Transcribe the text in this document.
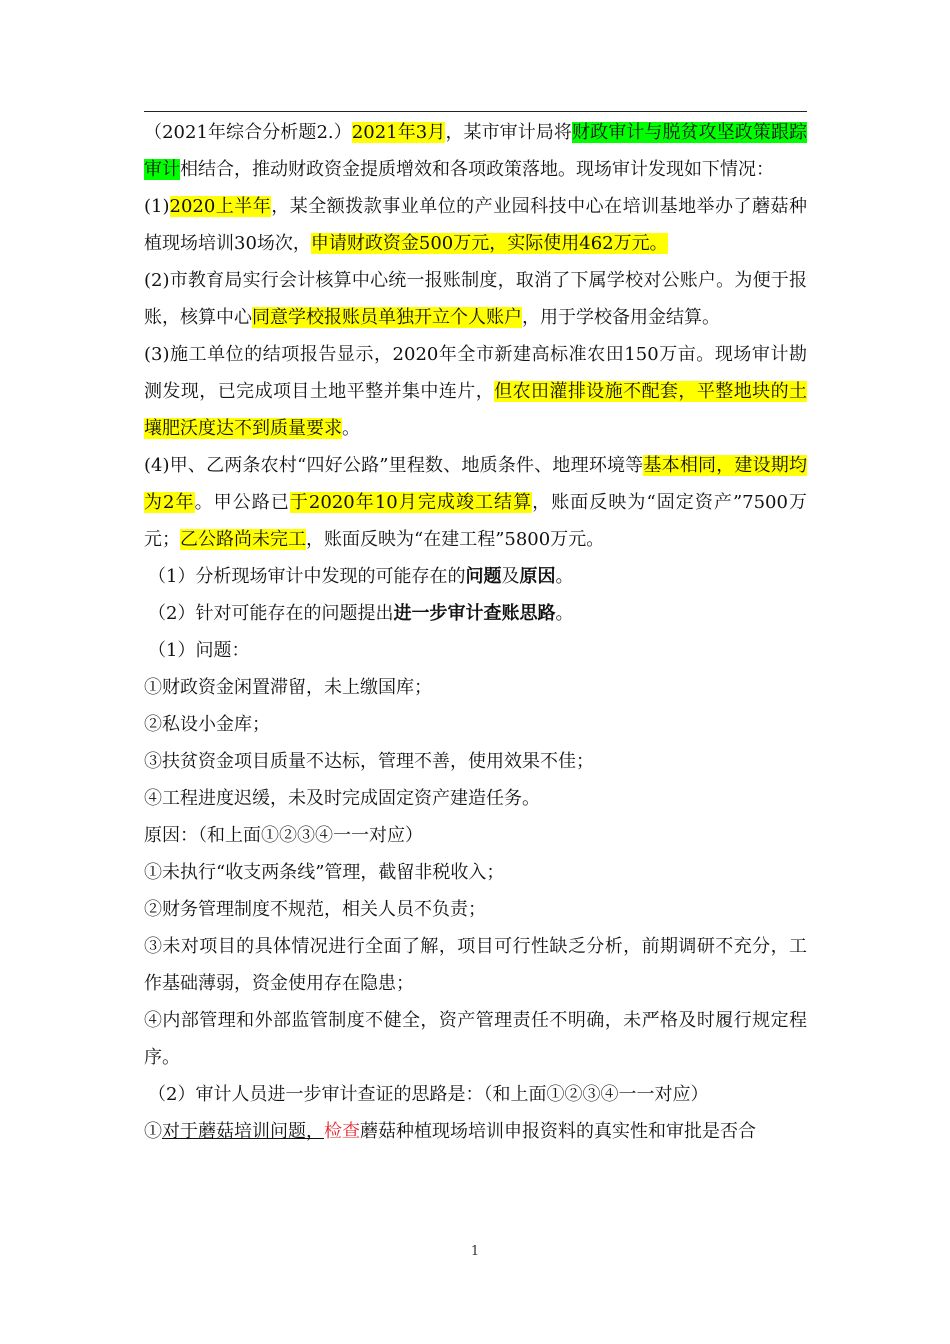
（2021年综合分析题2.）2021年3月，某市审计局将财政审计与脱贫攻坚政策跟踪审计相结合，推动财政资金提质增效和各项政策落地。现场审计发现如下情况：

(1)2020上半年，某全额拨款事业单位的产业园科技中心在培训基地举办了蘑菇种植现场培训30场次，申请财政资金500万元，实际使用462万元。

(2)市教育局实行会计核算中心统一报账制度，取消了下属学校对公账户。为便于报账，核算中心同意学校报账员单独开立个人账户，用于学校备用金结算。

(3)施工单位的结项报告显示，2020年全市新建高标准农田150万亩。现场审计勘测发现，已完成项目土地平整并集中连片，但农田灌排设施不配套，平整地块的土壤肥沃度达不到质量要求。

(4)甲、乙两条农村“四好公路”里程数、地质条件、地理环境等基本相同，建设期均为2年。甲公路已于2020年10月完成竣工结算，账面反映为“固定资产”7500万元；乙公路尚未完工，账面反映为“在建工程”5800万元。

（1）分析现场审计中发现的可能存在的问题及原因。

（2）针对可能存在的问题提出进一步审计查账思路。

（1）问题：

①财政资金闲置滞留，未上缴国库；

②私设小金库；

③扶贫资金项目质量不达标，管理不善，使用效果不佳；

④工程进度迟缓，未及时完成固定资产建造任务。

原因：（和上面①②③④一一对应）

①未执行“收支两条线”管理，截留非税收入；

②财务管理制度不规范，相关人员不负责；

③未对项目的具体情况进行全面了解，项目可行性缺乏分析，前期调研不充分，工作基础薄弱，资金使用存在隐患；

④内部管理和外部监管制度不健全，资产管理责任不明确，未严格及时履行规定程序。

（2）审计人员进一步审计查证的思路是：（和上面①②③④一一对应）

①对于蘑菇培训问题，检查蘑菇种植现场培训申报资料的真实性和审批是否合

1
